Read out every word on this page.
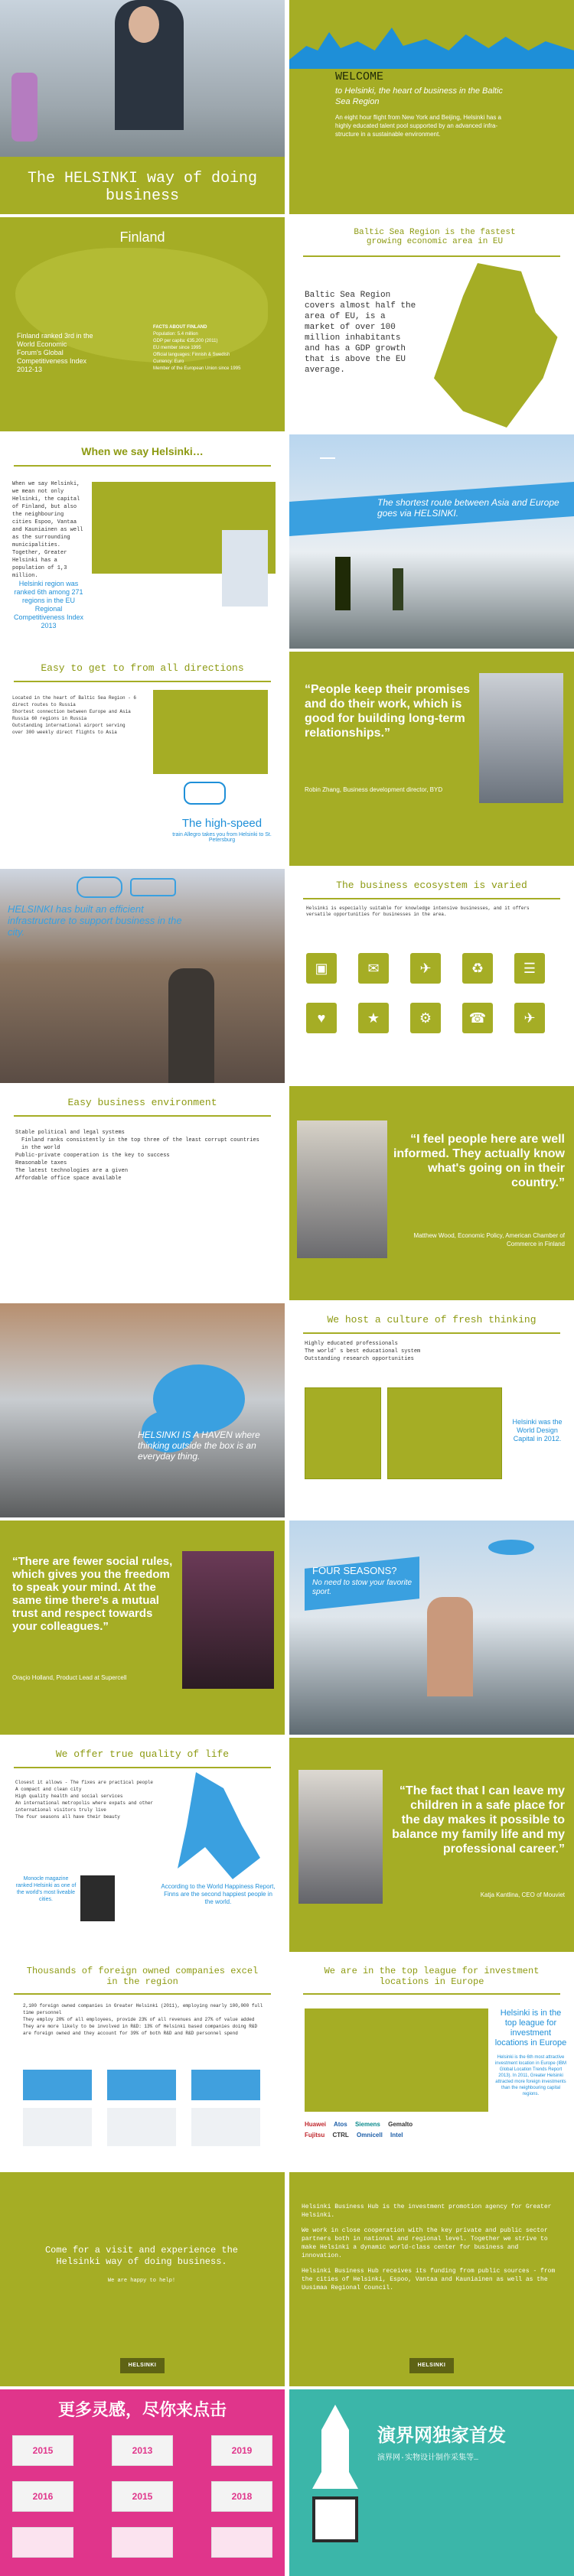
The HELSINKI way of doing business
WELCOME
to Helsinki, the heart of business in the Baltic Sea Region
An eight hour flight from New York and Beijing, Helsinki has a highly educated talent pool supported by an advanced infra-structure in a sustainable environment.
Finland
Finland ranked 3rd in the World Economic Forum's Global Competitiveness Index 2012-13
FACTS ABOUT FINLAND
Population: 5.4 million
GDP per capita: €35,200 (2011)
EU member since 1995
Official languages: Finnish & Swedish
Currency: Euro
Member of the European Union since 1995
Baltic Sea Region is the fastest growing economic area in EU
Baltic Sea Region covers almost half the area of EU, is a market of over 100 million inhabitants and has a GDP growth that is above the EU average.
When we say Helsinki…
When we say Helsinki, we mean not only Helsinki, the capital of Finland, but also the neighbouring cities Espoo, Vantaa and Kauniainen as well as the surrounding municipalities. Together, Greater Helsinki has a population of 1,3 million.
Helsinki region was ranked 6th among 271 regions in the EU Regional Competitiveness Index 2013
The shortest route between Asia and Europe goes via HELSINKI.
Easy to get to from all directions
Located in the heart of Baltic Sea Region - 6 direct routes to Russia
Shortest connection between Europe and Asia
Russia 60 regions in Russia
Outstanding international airport serving
over 300 weekly direct flights to Asia
The high-speed
train Allegro takes you from Helsinki to St. Petersburg
“People keep their promises and do their work, which is good for building long-term relationships.”
Robin Zhang, Business development director, BYD
HELSINKI has built an efficient infrastructure to support business in the city.
The business ecosystem is varied
Helsinki is especially suitable for knowledge intensive businesses, and it offers versatile opportunities for businesses in the area.
▣	✉	✈	♻	☰
♥	★	⚙	☎	✈
Easy business environment
Stable political and legal systems
Finland ranks consistently in the top three of the least corrupt countries in the world
Public-private cooperation is the key to success
Reasonable taxes
The latest technologies are a given
Affordable office space available
“I feel people here are well informed. They actually know what's going on in their country.”
Matthew Wood, Economic Policy, American Chamber of Commerce in Finland
HELSINKI IS A HAVEN where thinking outside the box is an everyday thing.
We host a culture of fresh thinking
Highly educated professionals
The world' s best educational system
Outstanding research opportunities
Helsinki was the World Design Capital in 2012.
“There are fewer social rules, which gives you the freedom to speak your mind. At the same time there's a mutual trust and respect towards your colleagues.”
Oraçio Holland, Product Lead at Supercell
FOUR SEASONS?
No need to stow your favorite sport.
We offer true quality of life
Closest it allows - The fixes are practical people
A compact and clean city
High quality health and social services
An international metropolis where expats and other international visitors truly live
The four seasons all have their beauty
Monocle magazine ranked Helsinki as one of the world's most liveable cities.
According to the World Happiness Report, Finns are the second happiest people in the world.
“The fact that I can leave my children in a safe place for the day makes it possible to balance my family life and my professional career.”
Katja Kantlina, CEO of Mouviet
Thousands of foreign owned companies excel in the region
2,100 foreign owned companies in Greater Helsinki (2011), employing nearly 100,000 full time personnel
They employ 20% of all employees, provide 23% of all revenues and 27% of value added
They are more likely to be involved in R&D: 13% of Helsinki based companies doing R&D are foreign owned and they account for 39% of both R&D and R&D personnel spend
We are in the top league for investment locations in Europe
Helsinki is in the top league for investment locations in Europe
Helsinki is the 6th most attractive investment location in Europe (IBM Global Location Trends Report 2013). In 2011, Greater Helsinki attracted more foreign investments than the neighbouring capital regions.
Huawei Atos Siemens Gemalto
Fujitsu CTRL Omnicell Intel
Come for a visit and experience the Helsinki way of doing business.
We are happy to help!
HELSINKI
Helsinki Business Hub is the investment promotion agency for Greater Helsinki.
We work in close cooperation with the key private and public sector partners both in national and regional level. Together we strive to make Helsinki a dynamic world-class center for business and innovation.
Helsinki Business Hub receives its funding from public sources - from the cities of Helsinki, Espoo, Vantaa and Kauniainen as well as the Uusimaa Regional Council.
HELSINKI
更多灵感，尽你来点击
2015	2013	2019
2016	2015	2018
演界网独家首发
演界网·实物设计制作采集等…
